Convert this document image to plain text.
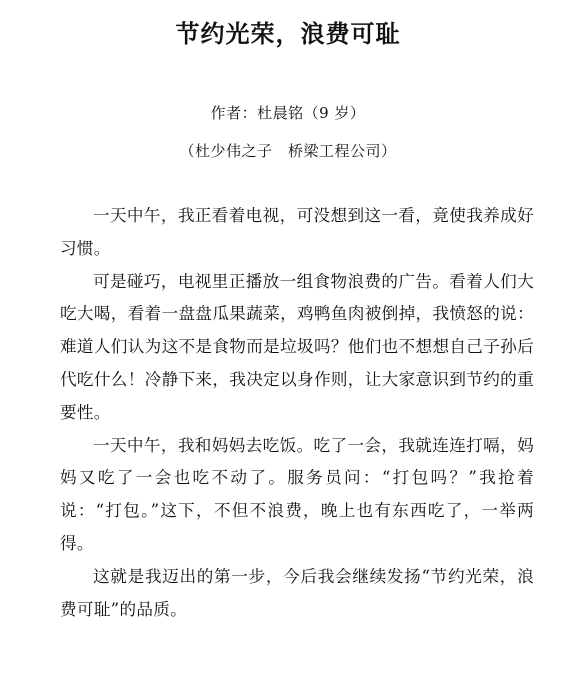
节约光荣，浪费可耻
作者：杜晨铭（9 岁）
（杜少伟之子　桥梁工程公司）

一天中午，我正看着电视，可没想到这一看，竟使我养成好习惯。

可是碰巧，电视里正播放一组食物浪费的广告。看着人们大吃大喝，看着一盘盘瓜果蔬菜，鸡鸭鱼肉被倒掉，我愤怒的说：难道人们认为这不是食物而是垃圾吗？他们也不想想自己子孙后代吃什么！冷静下来，我决定以身作则，让大家意识到节约的重要性。

一天中午，我和妈妈去吃饭。吃了一会，我就连连打嗝，妈妈又吃了一会也吃不动了。服务员问：“打包吗？”我抢着说：“打包。”这下，不但不浪费，晚上也有东西吃了，一举两得。

这就是我迈出的第一步，今后我会继续发扬“节约光荣，浪费可耻”的品质。
